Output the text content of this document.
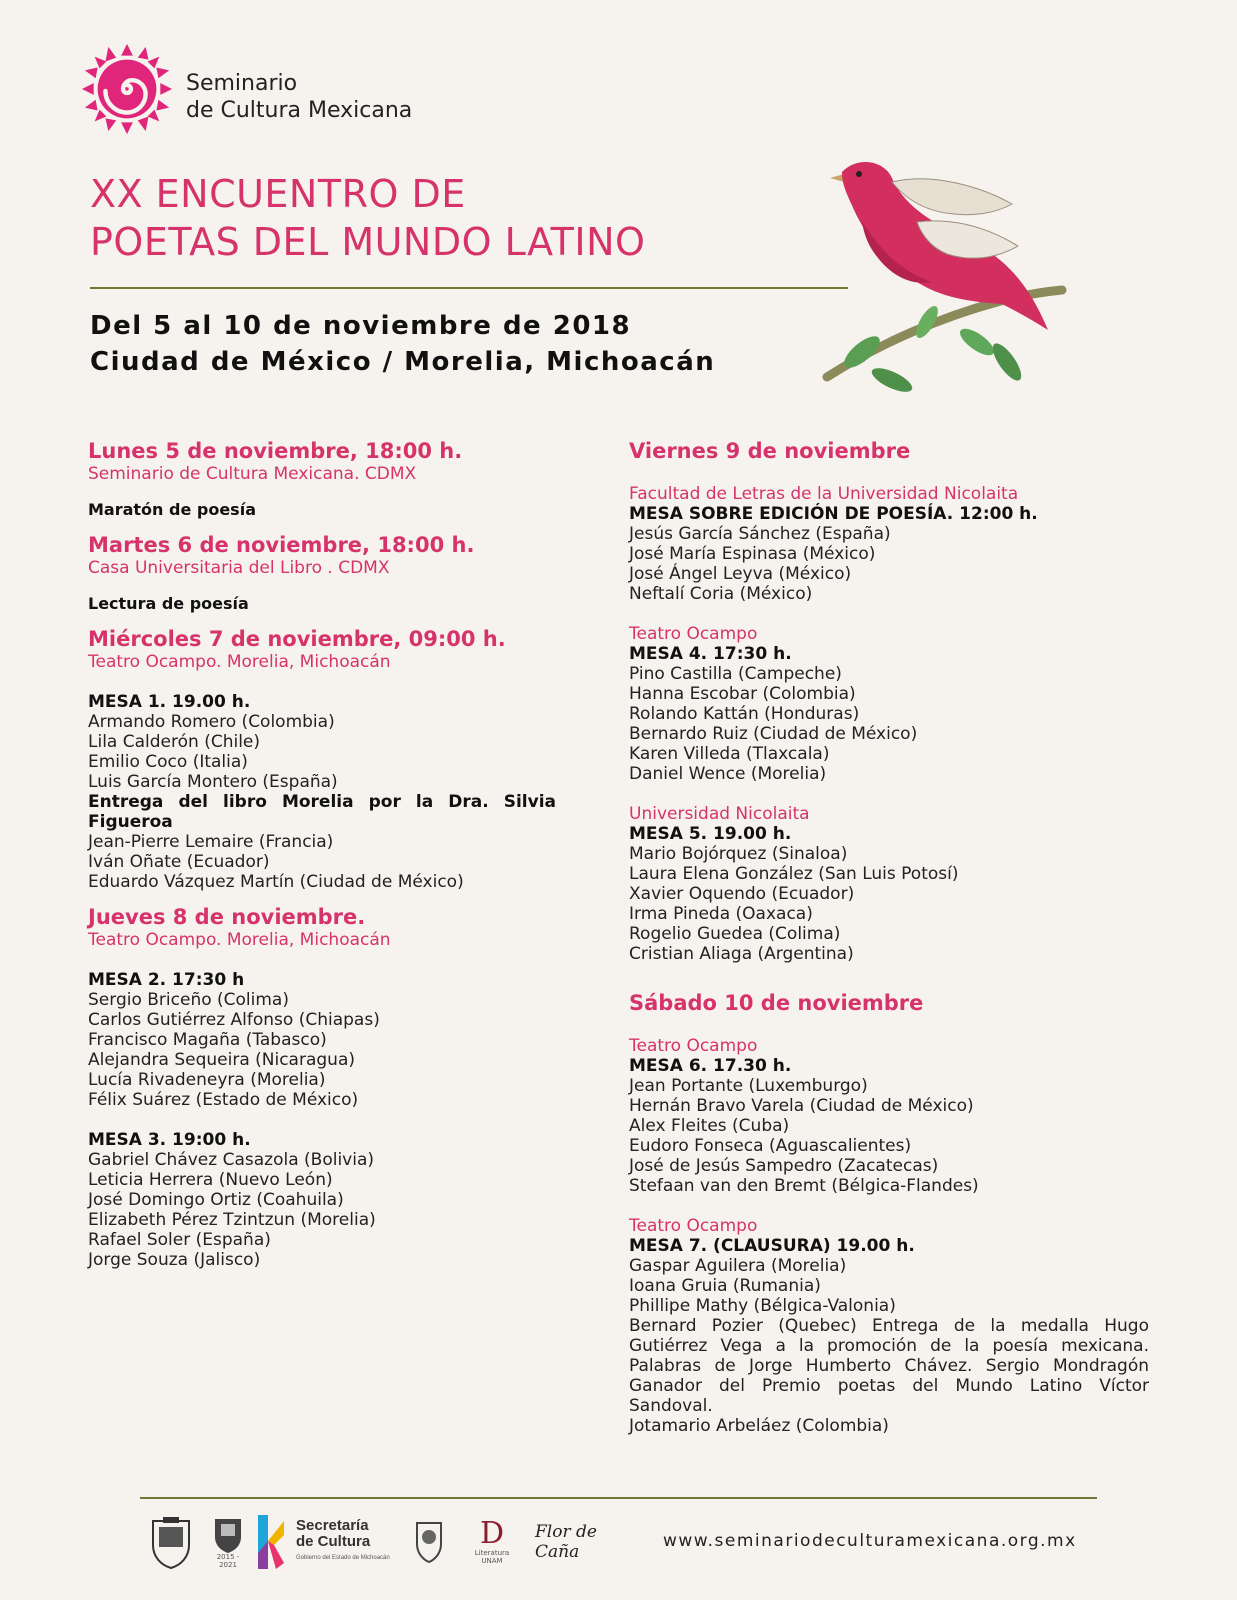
Seminario
de Cultura Mexicana
XX ENCUENTRO DE
POETAS DEL MUNDO LATINO
Del 5 al 10 de noviembre de 2018
Ciudad de México / Morelia, Michoacán
Lunes 5 de noviembre, 18:00 h.
Seminario de Cultura Mexicana. CDMX
Maratón de poesía
Martes 6 de noviembre, 18:00 h.
Casa Universitaria del Libro . CDMX
Lectura de poesía
Miércoles 7 de noviembre, 09:00 h.
Teatro Ocampo. Morelia, Michoacán
MESA 1. 19.00 h.
Armando Romero (Colombia)
Lila Calderón (Chile)
Emilio Coco (Italia)
Luis García Montero (España)
Entrega del libro Morelia por la Dra. Silvia Figueroa
Jean-Pierre Lemaire (Francia)
Iván Oñate (Ecuador)
Eduardo Vázquez Martín (Ciudad de México)
Jueves 8 de noviembre.
Teatro Ocampo. Morelia, Michoacán
MESA 2. 17:30 h
Sergio Briceño (Colima)
Carlos Gutiérrez Alfonso (Chiapas)
Francisco Magaña (Tabasco)
Alejandra Sequeira (Nicaragua)
Lucía Rivadeneyra (Morelia)
Félix Suárez (Estado de México)
MESA 3. 19:00 h.
Gabriel Chávez Casazola (Bolivia)
Leticia Herrera (Nuevo León)
José Domingo Ortiz (Coahuila)
Elizabeth Pérez Tzintzun (Morelia)
Rafael Soler (España)
Jorge Souza (Jalisco)
Viernes 9 de noviembre
Facultad de Letras de la Universidad Nicolaita
MESA SOBRE EDICIÓN DE POESÍA. 12:00 h.
Jesús García Sánchez (España)
José María Espinasa (México)
José Ángel Leyva (México)
Neftalí Coria (México)
Teatro Ocampo
MESA 4. 17:30 h.
Pino Castilla (Campeche)
Hanna Escobar (Colombia)
Rolando Kattán (Honduras)
Bernardo Ruiz (Ciudad de México)
Karen Villeda (Tlaxcala)
Daniel Wence (Morelia)
Universidad Nicolaita
MESA 5. 19.00 h.
Mario Bojórquez (Sinaloa)
Laura Elena González (San Luis Potosí)
Xavier Oquendo (Ecuador)
Irma Pineda (Oaxaca)
Rogelio Guedea (Colima)
Cristian Aliaga (Argentina)
Sábado 10 de noviembre
Teatro Ocampo
MESA 6. 17.30 h.
Jean Portante (Luxemburgo)
Hernán Bravo Varela (Ciudad de México)
Alex Fleites (Cuba)
Eudoro Fonseca (Aguascalientes)
José de Jesús Sampedro (Zacatecas)
Stefaan van den Bremt (Bélgica-Flandes)
Teatro Ocampo
MESA 7. (CLAUSURA) 19.00 h.
Gaspar Aguilera (Morelia)
Ioana Gruia (Rumania)
Phillipe Mathy (Bélgica-Valonia)
Bernard Pozier (Quebec) Entrega de la medalla Hugo Gutiérrez Vega a la promoción de la poesía mexicana. Palabras de Jorge Humberto Chávez. Sergio Mondragón Ganador del Premio poetas del Mundo Latino Víctor Sandoval.
Jotamario Arbeláez (Colombia)
2015 - 2021
Secretaría
de Cultura
Gobierno del Estado de Michoacán
D
Literatura UNAM
Flor de Caña
www.seminariodeculturamexicana.org.mx
